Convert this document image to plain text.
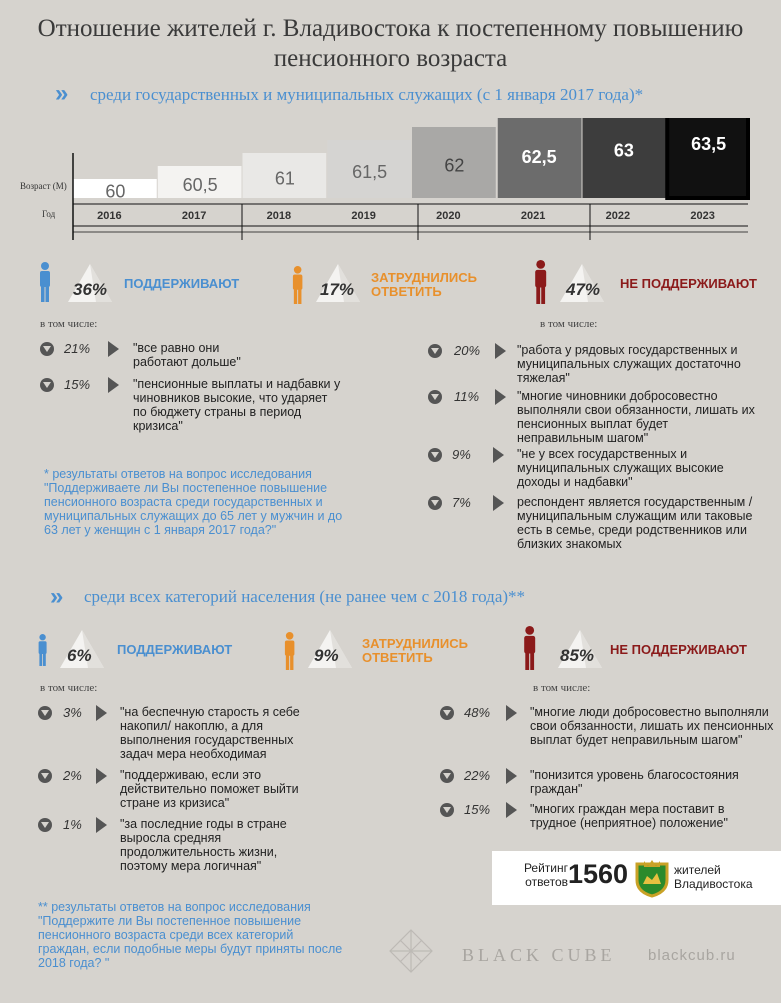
Отношение жителей г. Владивостока к постепенному повышению пенсионного возраста
» среди государственных и муниципальных служащих (с 1 января 2017 года)*
60
2016
60,5
2017
61
2018
61,5
2019
62
2020
62,5
2021
63
2022
63,5
2023
Возраст (М)
Год
36% ПОДДЕРЖИВАЮТ	17%
ЗАТРУДНИЛИСЬ
ОТВЕТИТЬ	47% НЕ ПОДДЕРЖИВАЮТ
в том числе:	в том числе:
21%	"все равно они работают дольше"
15%	"пенсионные выплаты и надбавки у чиновников высокие, что ударяет по бюджету страны в период кризиса"
20%	"работа у рядовых государственных и муниципальных служащих достаточно тяжелая"
11%	"многие чиновники добросовестно выполняли свои обязанности, лишать их пенсионных выплат будет неправильным шагом"
9%	"не у всех государственных и муниципальных служащих высокие доходы и надбавки"
7%	респондент является государственным / муниципальным служащим или таковые есть в семье, среди родственников или близких знакомых
* результаты ответов на вопрос исследования
"Поддерживаете ли Вы постепенное повышение
пенсионного возраста среди государственных и
муниципальных служащих до 65 лет у мужчин и до
63 лет у женщин с 1 января 2017 года?"
» среди всех категорий населения (не ранее чем с 2018 года)**
6% ПОДДЕРЖИВАЮТ	9%
ЗАТРУДНИЛИСЬ
ОТВЕТИТЬ	85% НЕ ПОДДЕРЖИВАЮТ
в том числе:	в том числе:
3%	"на беспечную старость я себе накопил/ накоплю, а для выполнения государственных задач мера необходимая
2%	"поддерживаю, если это действительно поможет выйти стране из кризиса"
1%	"за последние годы в стране выросла средняя продолжительность жизни, поэтому мера логичная"
48%	"многие люди добросовестно выполняли свои обязанности, лишать их пенсионных выплат будет неправильным шагом"
22%	"понизится уровень благосостояния граждан"
15%	"многих граждан мера поставит в трудное (неприятное) положение"
** результаты ответов на вопрос исследования
"Поддержите ли Вы постепенное повышение
пенсионного возраста среди всех категорий
граждан, если подобные меры будут приняты после
2018 года? "
Рейтинг
ответов 1560	жителей
Владивостока
BLACK CUBE blackcub.ru
